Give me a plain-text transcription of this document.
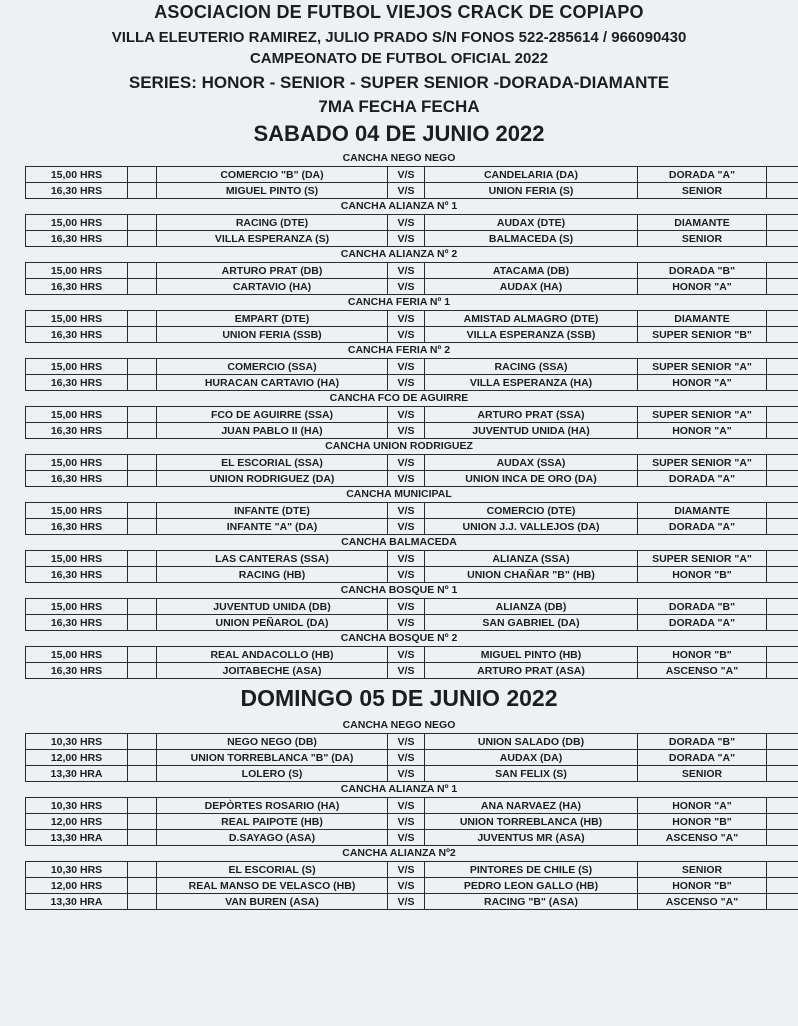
ASOCIACION DE FUTBOL VIEJOS CRACK DE COPIAPO
VILLA ELEUTERIO RAMIREZ, JULIO PRADO S/N FONOS 522-285614 / 966090430
CAMPEONATO DE FUTBOL OFICIAL 2022
SERIES: HONOR - SENIOR - SUPER SENIOR -DORADA-DIAMANTE
7MA FECHA FECHA
SABADO 04 DE JUNIO 2022
CANCHA NEGO NEGO
15,00 HRS		COMERCIO "B" (DA)	V/S	CANDELARIA (DA)	DORADA "A"	
16,30 HRS		MIGUEL PINTO (S)	V/S	UNION FERIA (S)	SENIOR	
CANCHA ALIANZA Nº 1
15,00 HRS		RACING (DTE)	V/S	AUDAX (DTE)	DIAMANTE	
16,30 HRS		VILLA ESPERANZA (S)	V/S	BALMACEDA (S)	SENIOR	
CANCHA ALIANZA Nº 2
15,00 HRS		ARTURO PRAT (DB)	V/S	ATACAMA (DB)	DORADA "B"	
16,30 HRS		CARTAVIO (HA)	V/S	AUDAX (HA)	HONOR "A"	
CANCHA FERIA Nº 1
15,00 HRS		EMPART (DTE)	V/S	AMISTAD ALMAGRO (DTE)	DIAMANTE	
16,30 HRS		UNION FERIA (SSB)	V/S	VILLA ESPERANZA (SSB)	SUPER SENIOR "B"	
CANCHA FERIA Nº 2
15,00 HRS		COMERCIO (SSA)	V/S	RACING (SSA)	SUPER SENIOR "A"	
16,30 HRS		HURACAN CARTAVIO (HA)	V/S	VILLA ESPERANZA (HA)	HONOR "A"	
CANCHA FCO DE AGUIRRE
15,00 HRS		FCO DE AGUIRRE (SSA)	V/S	ARTURO PRAT (SSA)	SUPER SENIOR "A"	
16,30 HRS		JUAN PABLO II (HA)	V/S	JUVENTUD UNIDA (HA)	HONOR "A"	
CANCHA UNION RODRIGUEZ
15,00 HRS		EL ESCORIAL (SSA)	V/S	AUDAX (SSA)	SUPER SENIOR "A"	
16,30 HRS		UNION RODRIGUEZ (DA)	V/S	UNION INCA DE ORO (DA)	DORADA "A"	
CANCHA MUNICIPAL
15,00 HRS		INFANTE (DTE)	V/S	COMERCIO (DTE)	DIAMANTE	
16,30 HRS		INFANTE "A" (DA)	V/S	UNION J.J. VALLEJOS (DA)	DORADA "A"	
CANCHA BALMACEDA
15,00 HRS		LAS CANTERAS (SSA)	V/S	ALIANZA (SSA)	SUPER SENIOR "A"	
16,30 HRS		RACING (HB)	V/S	UNION CHAÑAR "B" (HB)	HONOR "B"	
CANCHA BOSQUE Nº 1
15,00 HRS		JUVENTUD UNIDA (DB)	V/S	ALIANZA (DB)	DORADA "B"	
16,30 HRS		UNION PEÑAROL (DA)	V/S	SAN GABRIEL (DA)	DORADA "A"	
CANCHA BOSQUE Nº 2
15,00 HRS		REAL ANDACOLLO (HB)	V/S	MIGUEL PINTO (HB)	HONOR "B"	
16,30 HRS		JOITABECHE (ASA)	V/S	ARTURO PRAT (ASA)	ASCENSO "A"	
DOMINGO 05 DE JUNIO 2022
CANCHA NEGO NEGO
10,30 HRS		NEGO NEGO (DB)	V/S	UNION SALADO (DB)	DORADA "B"	
12,00 HRS		UNION TORREBLANCA "B" (DA)	V/S	AUDAX (DA)	DORADA "A"	
13,30 HRA		LOLERO (S)	V/S	SAN FELIX (S)	SENIOR	
CANCHA ALIANZA Nº 1
10,30 HRS		DEPÒRTES ROSARIO (HA)	V/S	ANA NARVAEZ (HA)	HONOR "A"	
12,00 HRS		REAL PAIPOTE (HB)	V/S	UNION TORREBLANCA (HB)	HONOR "B"	
13,30 HRA		D.SAYAGO (ASA)	V/S	JUVENTUS MR (ASA)	ASCENSO "A"	
CANCHA ALIANZA Nº2
10,30 HRS		EL ESCORIAL (S)	V/S	PINTORES DE CHILE (S)	SENIOR	
12,00 HRS		REAL MANSO DE VELASCO (HB)	V/S	PEDRO LEON GALLO (HB)	HONOR "B"	
13,30 HRA		VAN BUREN (ASA)	V/S	RACING "B" (ASA)	ASCENSO "A"	
